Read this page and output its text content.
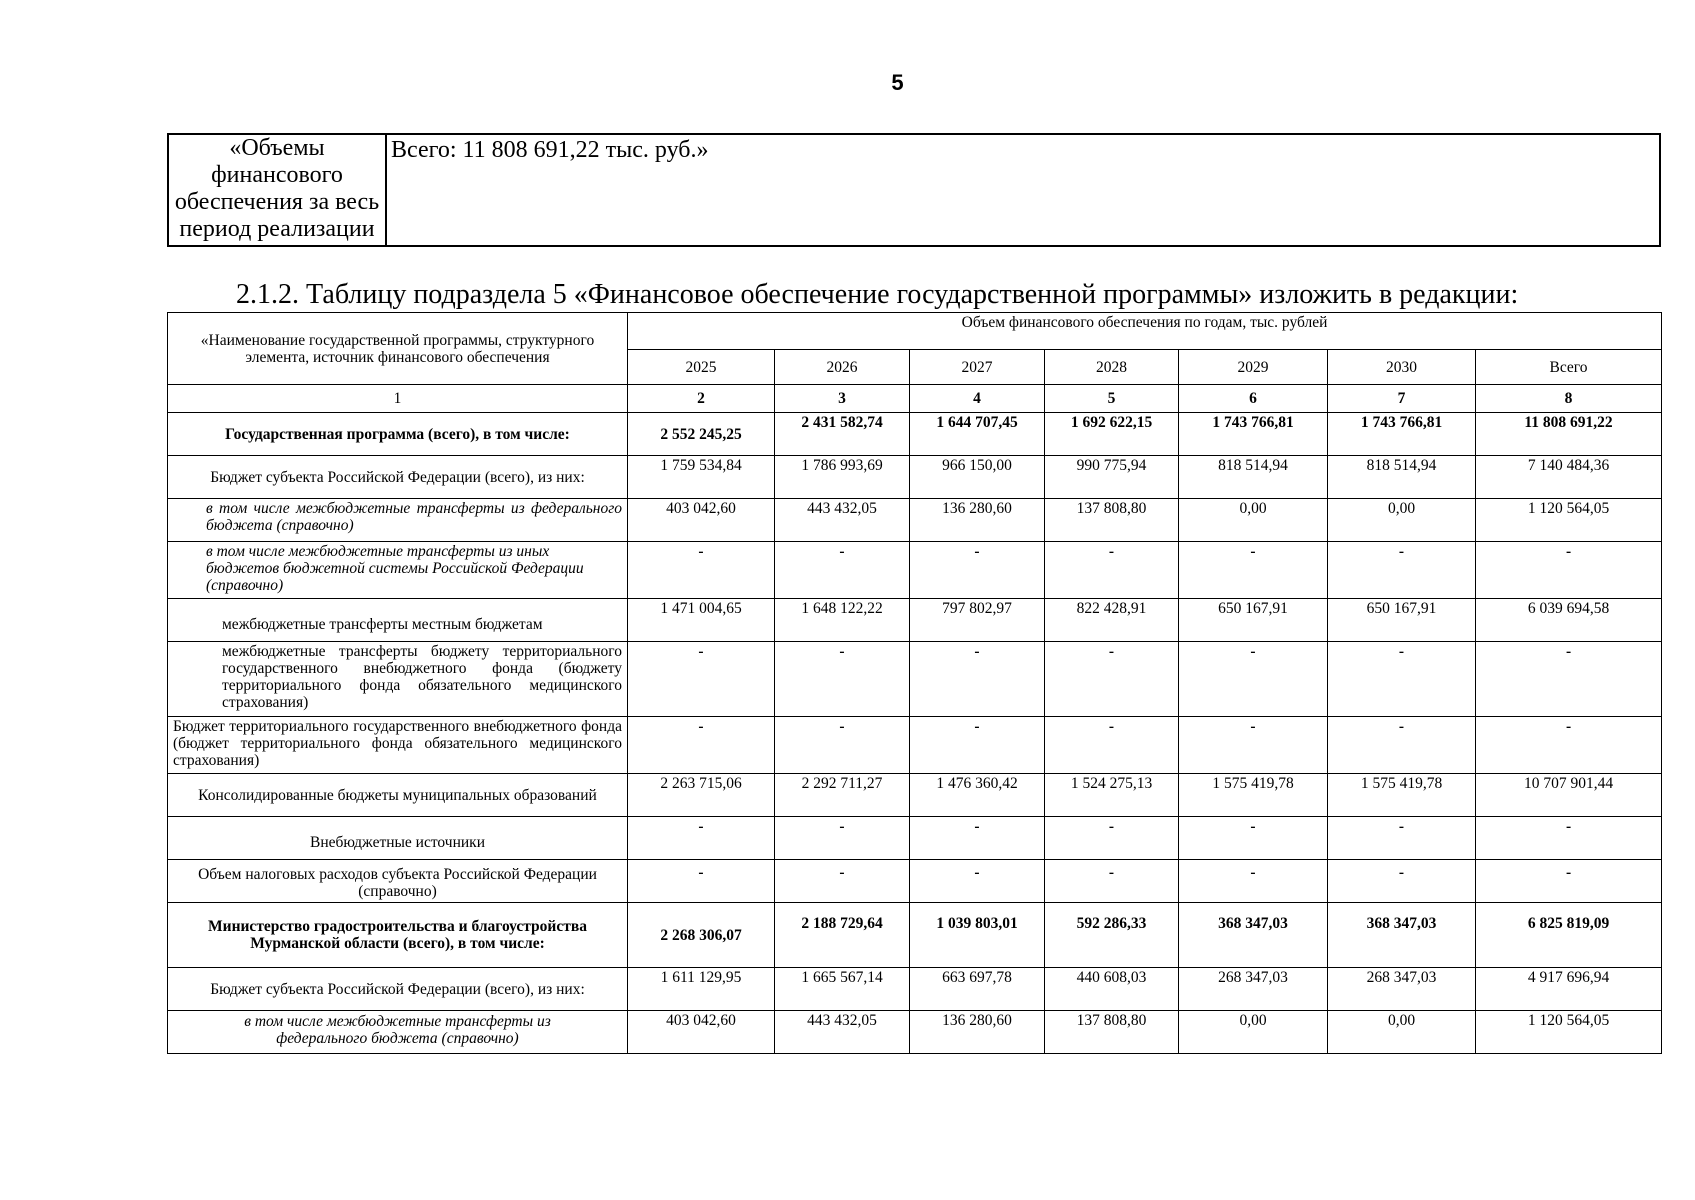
5
«Объемы финансового обеспечения за весь период реализации	Всего: 11 808 691,22 тыс. руб.»
2.1.2. Таблицу подраздела 5 «Финансовое обеспечение государственной программы» изложить в редакции:
«Наименование государственной программы, структурного элемента, источник финансового обеспечения	Объем финансового обеспечения по годам, тыс. рублей						
	2025	2026	2027	2028	2029	2030	Всего
1	2	3	4	5	6	7	8
Государственная программа (всего), в том числе:	2 552 245,25	2 431 582,74	1 644 707,45	1 692 622,15	1 743 766,81	1 743 766,81	11 808 691,22
Бюджет субъекта Российской Федерации (всего), из них:	1 759 534,84	1 786 993,69	966 150,00	990 775,94	818 514,94	818 514,94	7 140 484,36
в том числе межбюджетные трансферты из федерального бюджета (справочно)	403 042,60	443 432,05	136 280,60	137 808,80	0,00	0,00	1 120 564,05
в том числе межбюджетные трансферты из иных бюджетов бюджетной системы Российской Федерации (справочно)	-	-	-	-	-	-	-
межбюджетные трансферты местным бюджетам	1 471 004,65	1 648 122,22	797 802,97	822 428,91	650 167,91	650 167,91	6 039 694,58
межбюджетные трансферты бюджету территориального государственного внебюджетного фонда (бюджету территориального фонда обязательного медицинского страхования)	-	-	-	-	-	-	-
Бюджет территориального государственного внебюджетного фонда (бюджет территориального фонда обязательного медицинского страхования)	-	-	-	-	-	-	-
Консолидированные бюджеты муниципальных образований	2 263 715,06	2 292 711,27	1 476 360,42	1 524 275,13	1 575 419,78	1 575 419,78	10 707 901,44
Внебюджетные источники	-	-	-	-	-	-	-
Объем налоговых расходов субъекта Российской Федерации (справочно)	-	-	-	-	-	-	-
Министерство градостроительства и благоустройства Мурманской области (всего), в том числе:	2 268 306,07	2 188 729,64	1 039 803,01	592 286,33	368 347,03	368 347,03	6 825 819,09
Бюджет субъекта Российской Федерации (всего), из них:	1 611 129,95	1 665 567,14	663 697,78	440 608,03	268 347,03	268 347,03	4 917 696,94
в том числе межбюджетные трансферты из федерального бюджета (справочно)	403 042,60	443 432,05	136 280,60	137 808,80	0,00	0,00	1 120 564,05
